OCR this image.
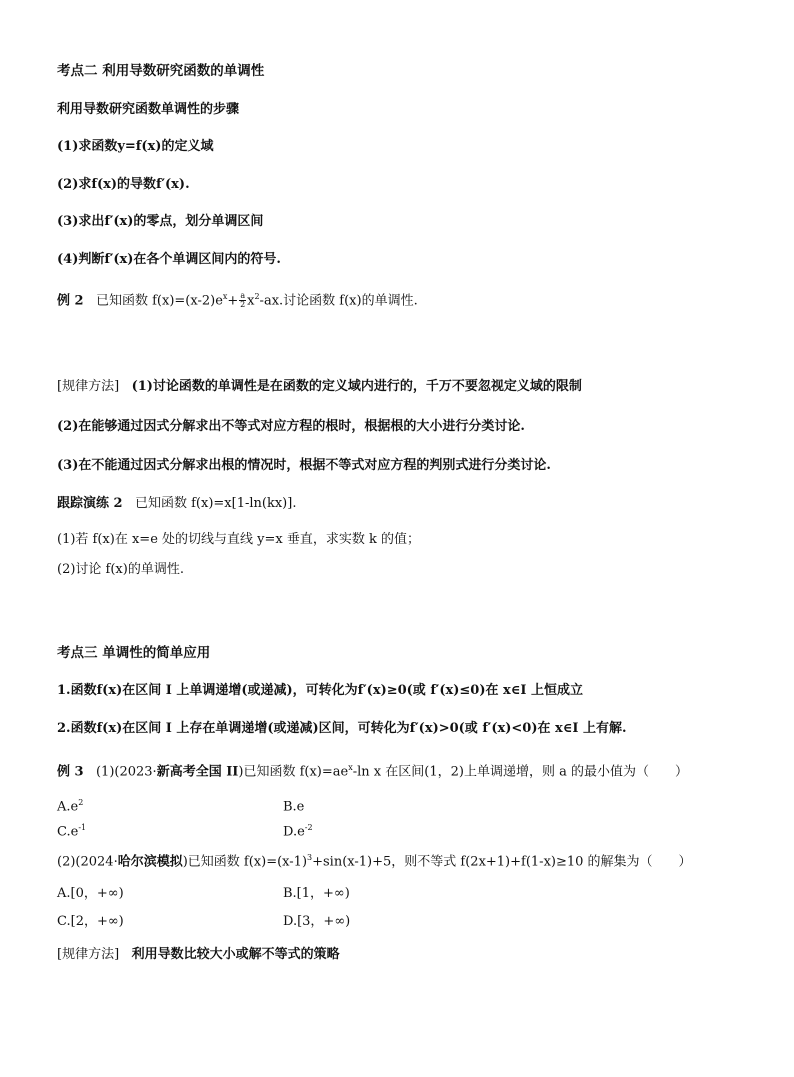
考点二 利用导数研究函数的单调性
利用导数研究函数单调性的步骤
(1)求函数y=f(x)的定义域
(2)求f(x)的导数f′(x).
(3)求出f′(x)的零点，划分单调区间
(4)判断f′(x)在各个单调区间内的符号.
例 2 已知函数 $f(x)=(x-2)e^x+ \frac{a}{2} x^2-ax$.讨论函数 f(x)的单调性.
[规律方法] (1)讨论函数的单调性是在函数的定义域内进行的，千万不要忽视定义域的限制
(2)在能够通过因式分解求出不等式对应方程的根时，根据根的大小进行分类讨论.
(3)在不能通过因式分解求出根的情况时，根据不等式对应方程的判别式进行分类讨论.
跟踪演练 2 已知函数 f(x)=x[1-ln(kx)].
(1)若 f(x)在 x=e 处的切线与直线 y=x 垂直，求实数 k 的值；
(2)讨论 f(x)的单调性.
考点三 单调性的简单应用
1.函数f(x)在区间 I 上单调递增(或递减)，可转化为f′(x)≥0(或 f′(x)≤0)在 x∈I 上恒成立
2.函数f(x)在区间 I 上存在单调递增(或递减)区间，可转化为f′(x)>0(或 f′(x)<0)在 x∈I 上有解.
例 3 (1)(2023·新高考全国 II)已知函数 $f(x)=ae^x-\ln$ x 在区间(1，2)上单调递增，则 a 的最小值为（　　）
$A.e^2$	B.e
$C.e^{-1}$	$D.e^{-2}$
(2)(2024·哈尔滨模拟)已知函数 $f(x)=(x-1)^3+\sin(x-1)+5$，则不等式 f(2x+1)+f(1-x)≥10 的解集为（　　）
A.[0，+∞)	B.[1，+∞)
C.[2，+∞)	D.[3，+∞)
[规律方法] 利用导数比较大小或解不等式的策略
